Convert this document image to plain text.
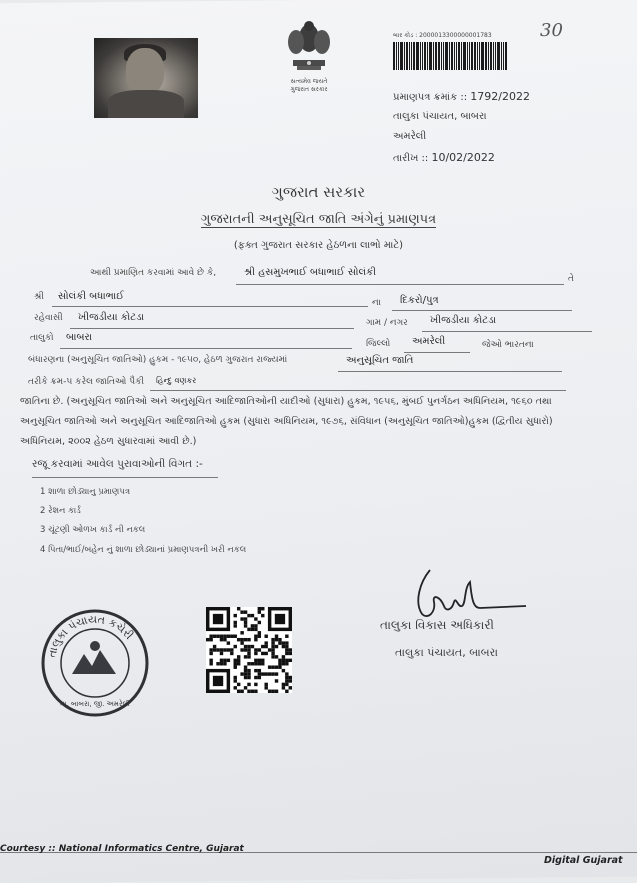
સત્યમેવ જયતે
ગુજરાત સરકાર
બાર કોડ : 2000013300000001783	30
પ્રમાણપત્ર ક્રમાંક :: 1792/2022
તાલુકા પંચાયત, બાબરા
અમરેલી
તારીખ :: 10/02/2022
ગુજરાત સરકાર
ગુજરાતની અનુસૂચિત જાતિ અંગેનું પ્રમાણપત્ર
(ફક્ત ગુજરાત સરકાર હેઠળના લાભો માટે)
આથી પ્રમાણિત કરવામાં આવે છે કે,	શ્રી હસમુખભાઈ બધાભાઈ સોલંકી
તે
શ્રી સોલંકી બધાભાઈ
ના દિકરો/પુત્ર
રહેવાસી ખીજડીયા કોટડા	ગામ / નગર ખીજડીયા કોટડા
તાલુકો બાબરા
જિલ્લો અમરેલી	જેઓ ભારતના
બંધારણના (અનુસૂચિત જાતિઓ) હુકમ - ૧૯૫૦, હેઠળ ગુજરાત રાજ્યમાં	અનુસૂચિત જાતિ
તરીકે ક્રમ-૫ કરેલ જાતિઓ પૈકી હિન્દુ વણકર
જાતિના છે. (અનુસૂચિત જાતિઓ અને અનુસૂચિત આદિજાતિઓની યાદીઓ (સુધારા) હુકમ, ૧૯૫૬, મુંબઈ પુનર્ગઠન અધિનિયમ, ૧૯૬૦ તથા અનુસૂચિત જાતિઓ અને અનુસૂચિત આદિજાતિઓ હુકમ (સુધારા અધિનિયમ, ૧૯૭૬, સંવિધાન (અનુસૂચિત જાતિઓ)હુકમ (દ્વિતીય સુધારો) અધિનિયમ, ૨૦૦૨ હેઠળ સુધારવામાં આવી છે.)
રજૂ કરવામાં આવેલ પુરાવાઓની વિગત :-
1 શાળા છોડ્યાનુ પ્રમાણપત્ર
2 રેશન કાર્ડ
3 ચૂંટણી ઓળખ કાર્ડ ની નકલ
4 પિતા/ભાઈ/બહેન નું શાળા છોડ્યાનાં પ્રમાણપત્રની ખરી નકલ
તાલુકા પંચાયત કચેરી
તા. બાબરા, જી. અમરેલી
તાલુકા વિકાસ અધિકારી
તાલુકા પંચાયત, બાબરા
Courtesy :: National Informatics Centre, Gujarat
Digital Gujarat
